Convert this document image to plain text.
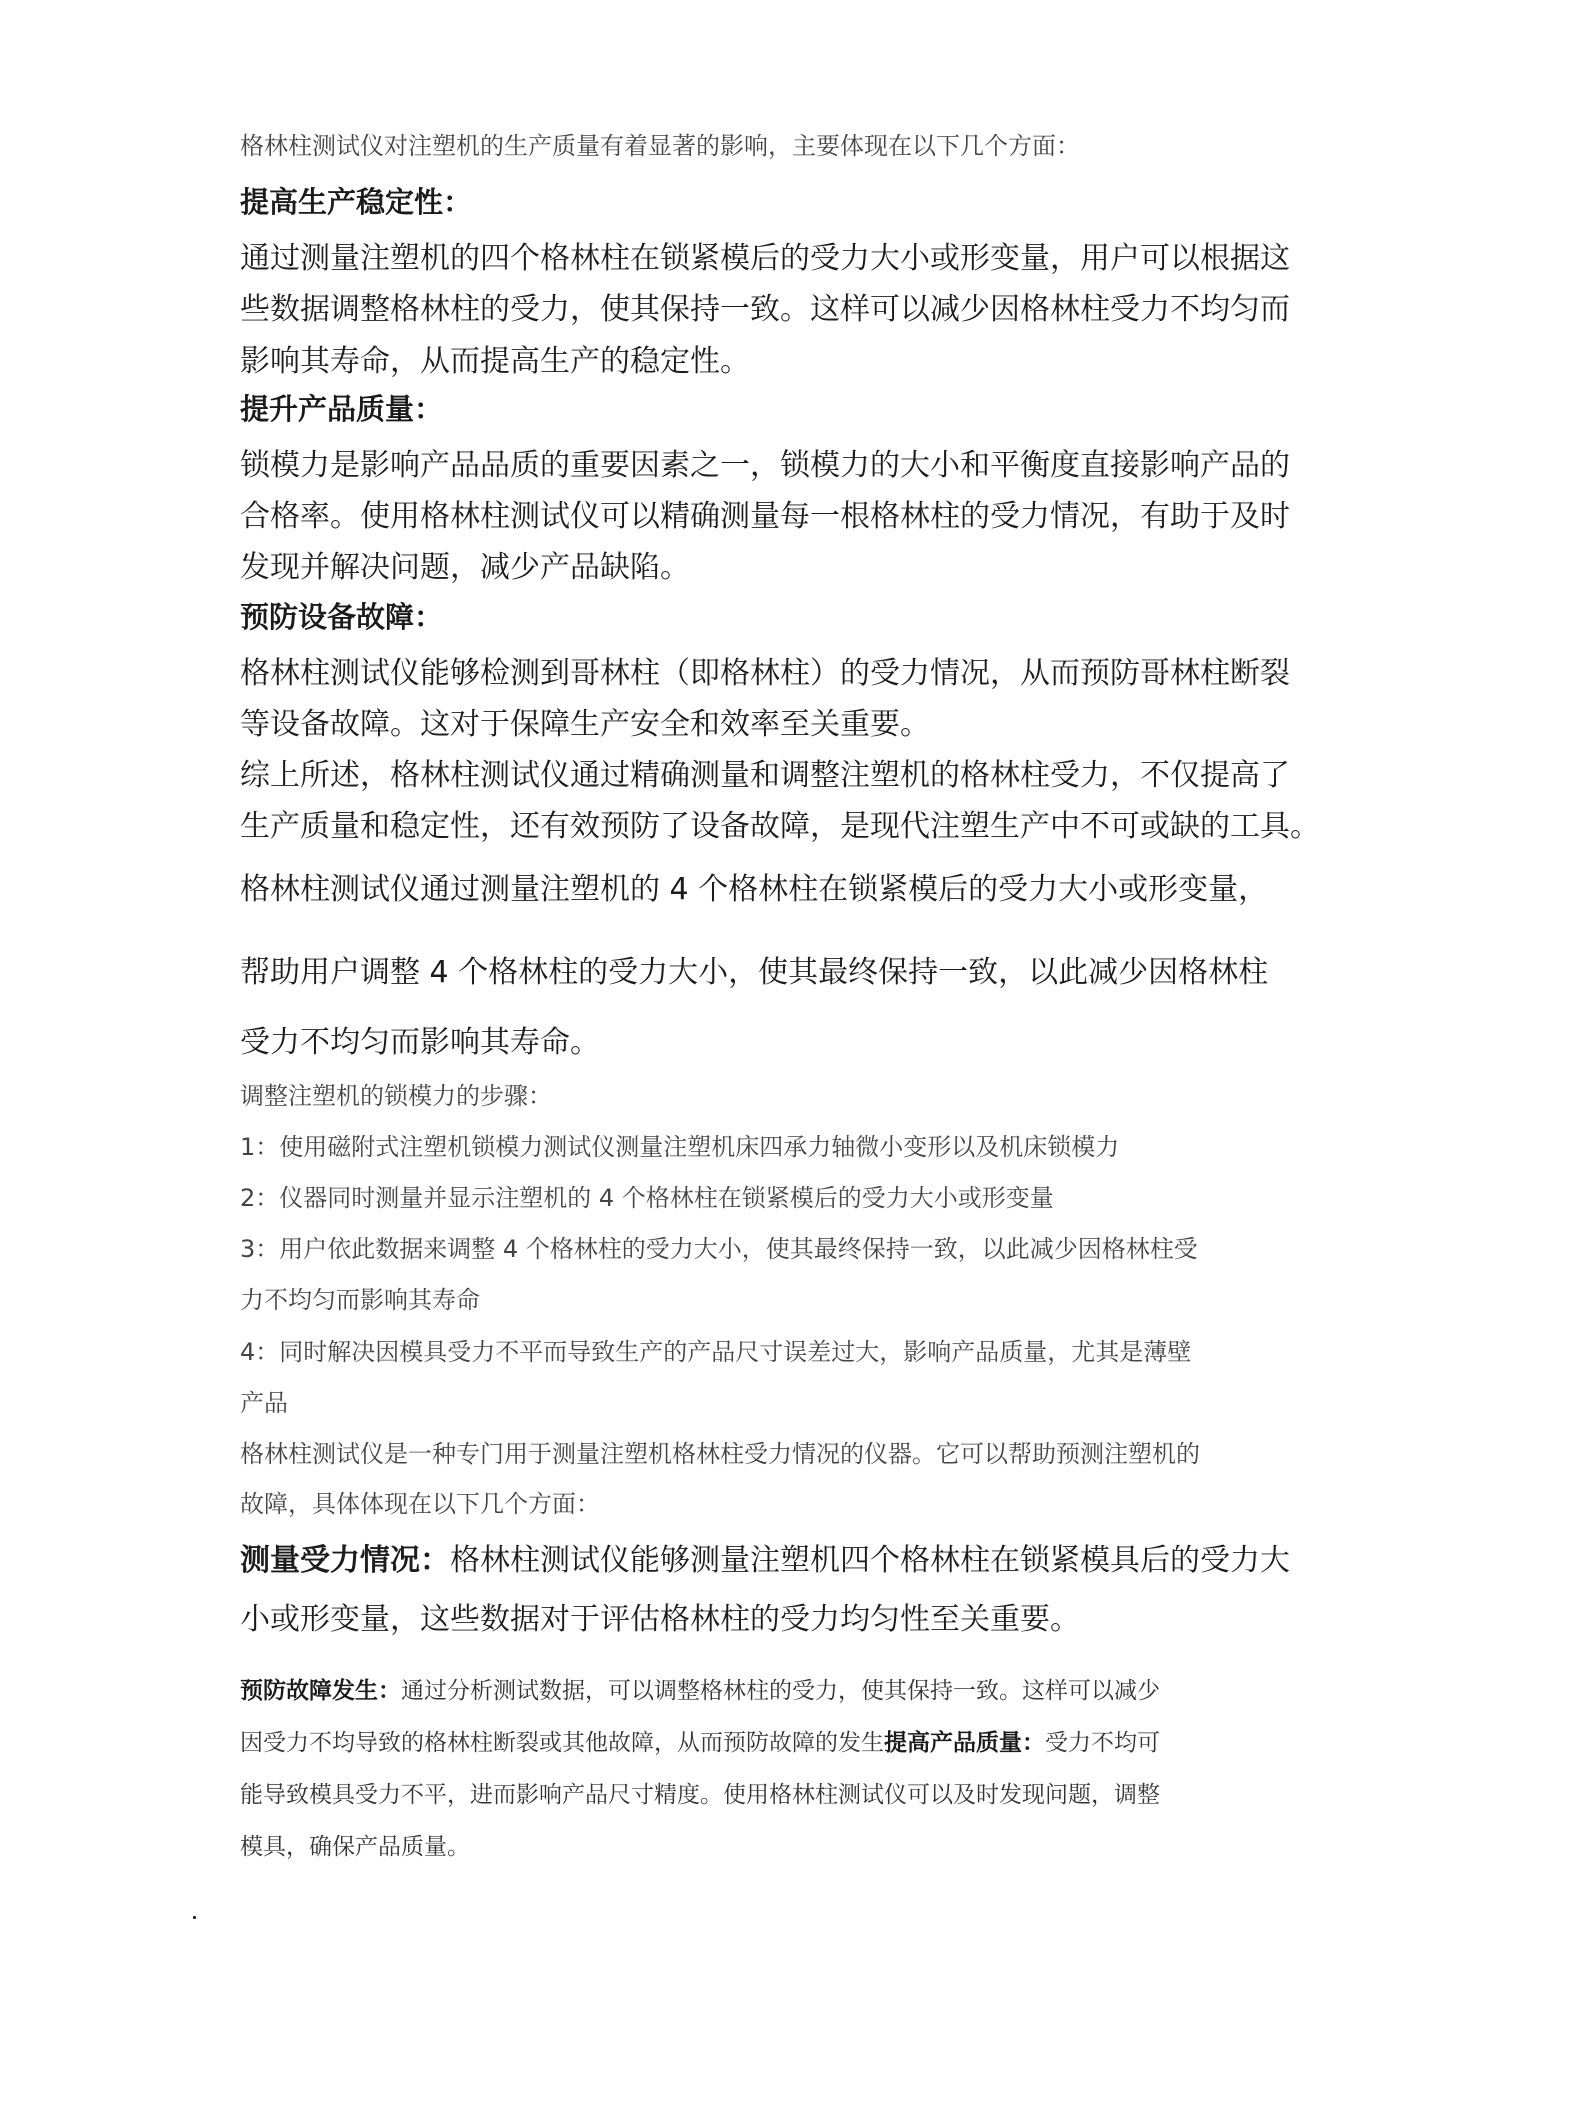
格林柱测试仪对注塑机的生产质量有着显著的影响，主要体现在以下几个方面：
提高生产稳定性：
通过测量注塑机的四个格林柱在锁紧模后的受力大小或形变量，用户可以根据这
些数据调整格林柱的受力，使其保持一致。这样可以减少因格林柱受力不均匀而
影响其寿命，从而提高生产的稳定性。
提升产品质量：
锁模力是影响产品品质的重要因素之一，锁模力的大小和平衡度直接影响产品的
合格率。使用格林柱测试仪可以精确测量每一根格林柱的受力情况，有助于及时
发现并解决问题，减少产品缺陷。
预防设备故障：
格林柱测试仪能够检测到哥林柱（即格林柱）的受力情况，从而预防哥林柱断裂
等设备故障。这对于保障生产安全和效率至关重要。
综上所述，格林柱测试仪通过精确测量和调整注塑机的格林柱受力，不仅提高了
生产质量和稳定性，还有效预防了设备故障，是现代注塑生产中不可或缺的工具。
格林柱测试仪通过测量注塑机的 4 个格林柱在锁紧模后的受力大小或形变量，
帮助用户调整 4 个格林柱的受力大小，使其最终保持一致，以此减少因格林柱
受力不均匀而影响其寿命。
调整注塑机的锁模力的步骤：
1：使用磁附式注塑机锁模力测试仪测量注塑机床四承力轴微小变形以及机床锁模力
2：仪器同时测量并显示注塑机的 4 个格林柱在锁紧模后的受力大小或形变量
3：用户依此数据来调整 4 个格林柱的受力大小，使其最终保持一致，以此减少因格林柱受
力不均匀而影响其寿命
4：同时解决因模具受力不平而导致生产的产品尺寸误差过大，影响产品质量，尤其是薄壁
产品
格林柱测试仪是一种专门用于测量注塑机格林柱受力情况的仪器。它可以帮助预测注塑机的
故障，具体体现在以下几个方面：
测量受力情况：格林柱测试仪能够测量注塑机四个格林柱在锁紧模具后的受力大
小或形变量，这些数据对于评估格林柱的受力均匀性至关重要。
预防故障发生：通过分析测试数据，可以调整格林柱的受力，使其保持一致。这样可以减少
因受力不均导致的格林柱断裂或其他故障，从而预防故障的发生提高产品质量：受力不均可
能导致模具受力不平，进而影响产品尺寸精度。使用格林柱测试仪可以及时发现问题，调整
模具，确保产品质量。
